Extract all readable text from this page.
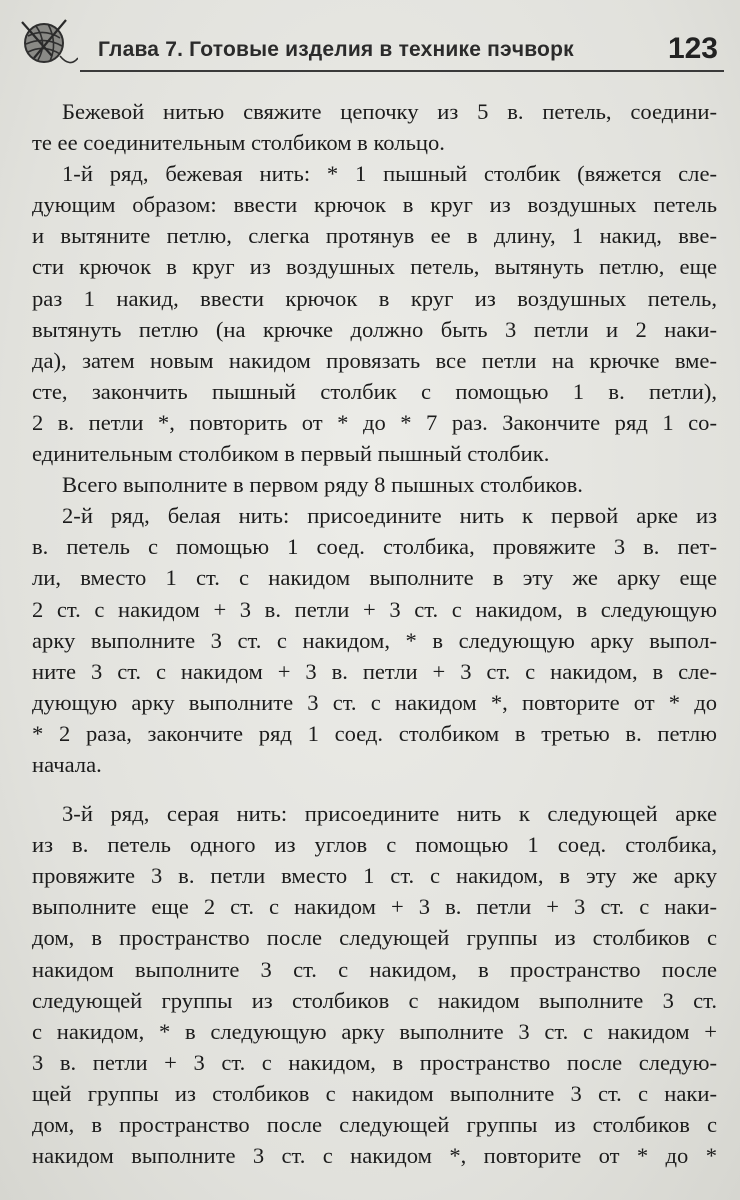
Глава 7. Готовые изделия в технике пэчворк	123

Бежевой нитью свяжите цепочку из 5 в. петель, соедини-
те ее соединительным столбиком в кольцо.

1-й ряд, бежевая нить: * 1 пышный столбик (вяжется сле-
дующим образом: ввести крючок в круг из воздушных петель
и вытяните петлю, слегка протянув ее в длину, 1 накид, вве-
сти крючок в круг из воздушных петель, вытянуть петлю, еще
раз 1 накид, ввести крючок в круг из воздушных петель,
вытянуть петлю (на крючке должно быть 3 петли и 2 наки-
да), затем новым накидом провязать все петли на крючке вме-
сте, закончить пышный столбик с помощью 1 в. петли),
2 в. петли *, повторить от * до * 7 раз. Закончите ряд 1 со-
единительным столбиком в первый пышный столбик.

Всего выполните в первом ряду 8 пышных столбиков.

2-й ряд, белая нить: присоедините нить к первой арке из
в. петель с помощью 1 соед. столбика, провяжите 3 в. пет-
ли, вместо 1 ст. с накидом выполните в эту же арку еще
2 ст. с накидом + 3 в. петли + 3 ст. с накидом, в следующую
арку выполните 3 ст. с накидом, * в следующую арку выпол-
ните 3 ст. с накидом + 3 в. петли + 3 ст. с накидом, в сле-
дующую арку выполните 3 ст. с накидом *, повторите от * до
* 2 раза, закончите ряд 1 соед. столбиком в третью в. петлю
начала.

3-й ряд, серая нить: присоедините нить к следующей арке
из в. петель одного из углов с помощью 1 соед. столбика,
провяжите 3 в. петли вместо 1 ст. с накидом, в эту же арку
выполните еще 2 ст. с накидом + 3 в. петли + 3 ст. с наки-
дом, в пространство после следующей группы из столбиков с
накидом выполните 3 ст. с накидом, в пространство после
следующей группы из столбиков с накидом выполните 3 ст.
с накидом, * в следующую арку выполните 3 ст. с накидом +
3 в. петли + 3 ст. с накидом, в пространство после следую-
щей группы из столбиков с накидом выполните 3 ст. с наки-
дом, в пространство после следующей группы из столбиков с
накидом выполните 3 ст. с накидом *, повторите от * до *
